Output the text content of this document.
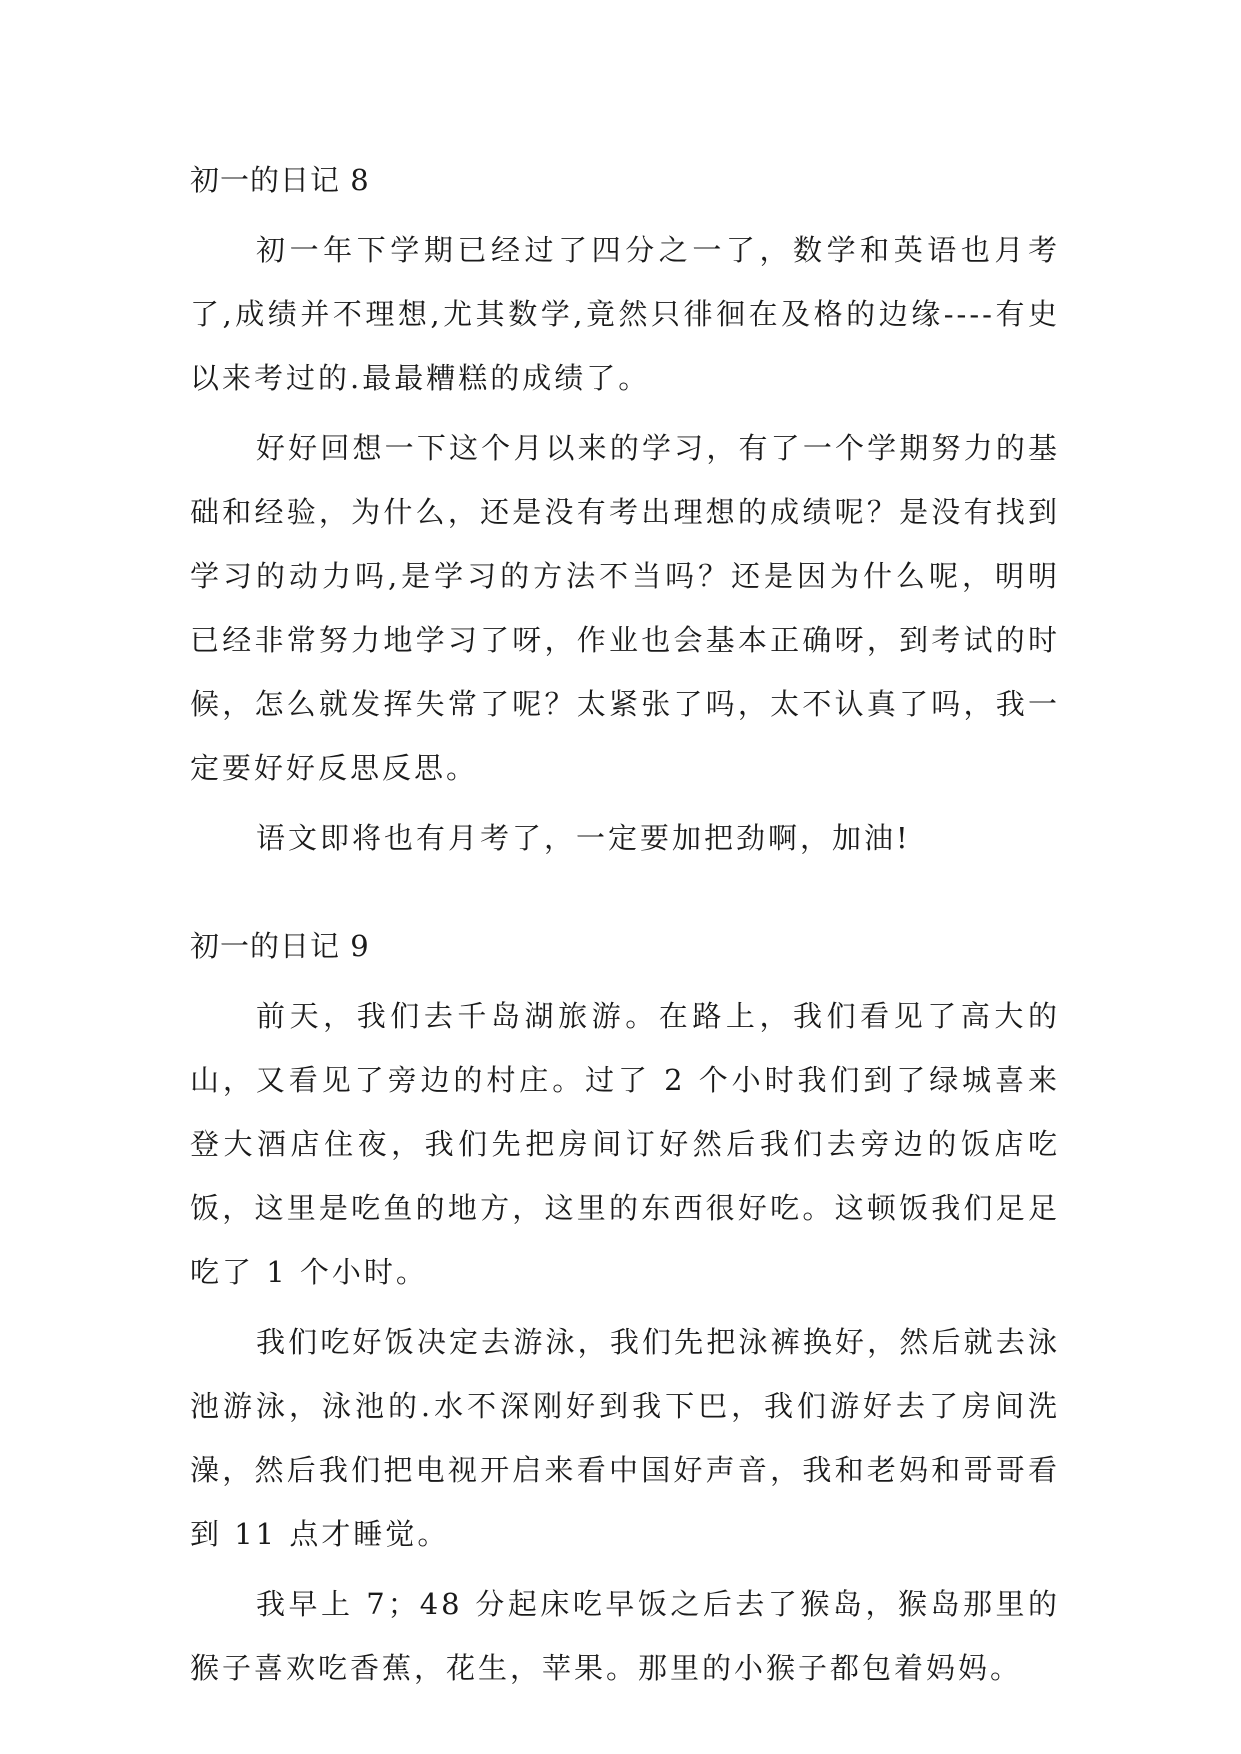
初一的日记 8

初一年下学期已经过了四分之一了，数学和英语也月考了,成绩并不理想,尤其数学,竟然只徘徊在及格的边缘----有史以来考过的.最最糟糕的成绩了。

好好回想一下这个月以来的学习，有了一个学期努力的基础和经验，为什么，还是没有考出理想的成绩呢？是没有找到学习的动力吗,是学习的方法不当吗？还是因为什么呢，明明已经非常努力地学习了呀，作业也会基本正确呀，到考试的时候，怎么就发挥失常了呢？太紧张了吗，太不认真了吗，我一定要好好反思反思。

语文即将也有月考了，一定要加把劲啊，加油!

初一的日记 9

前天，我们去千岛湖旅游。在路上，我们看见了高大的山，又看见了旁边的村庄。过了 2 个小时我们到了绿城喜来登大酒店住夜，我们先把房间订好然后我们去旁边的饭店吃饭，这里是吃鱼的地方，这里的东西很好吃。这顿饭我们足足吃了 1 个小时。

我们吃好饭决定去游泳，我们先把泳裤换好，然后就去泳池游泳，泳池的.水不深刚好到我下巴，我们游好去了房间洗澡，然后我们把电视开启来看中国好声音，我和老妈和哥哥看到 11 点才睡觉。

我早上 7；48 分起床吃早饭之后去了猴岛，猴岛那里的猴子喜欢吃香蕉，花生，苹果。那里的小猴子都包着妈妈。
